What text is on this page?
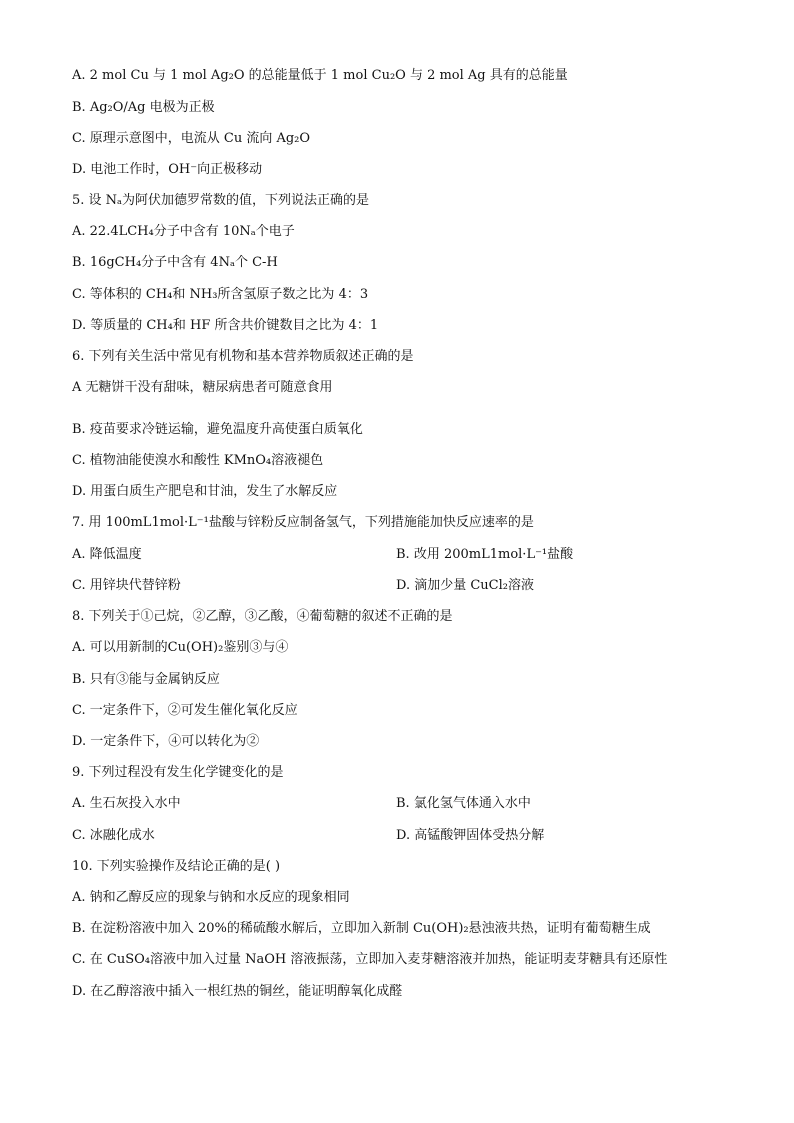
A. 2 mol Cu 与 1 mol Ag₂O 的总能量低于 1 mol Cu₂O 与 2 mol Ag 具有的总能量
B. Ag₂O/Ag 电极为正极
C. 原理示意图中，电流从 Cu 流向 Ag₂O
D. 电池工作时，OH⁻向正极移动
5. 设 Nₐ为阿伏加德罗常数的值，下列说法正确的是
A. 22.4LCH₄分子中含有 10Nₐ个电子
B. 16gCH₄分子中含有 4Nₐ个 C-H
C. 等体积的 CH₄和 NH₃所含氢原子数之比为 4：3
D. 等质量的 CH₄和 HF 所含共价键数目之比为 4：1
6. 下列有关生活中常见有机物和基本营养物质叙述正确的是
A 无糖饼干没有甜味，糖尿病患者可随意食用
B. 疫苗要求冷链运输，避免温度升高使蛋白质氧化
C. 植物油能使溴水和酸性 KMnO₄溶液褪色
D. 用蛋白质生产肥皂和甘油，发生了水解反应
7. 用 100mL1mol·L⁻¹盐酸与锌粉反应制备氢气，下列措施能加快反应速率的是
A. 降低温度	B. 改用 200mL1mol·L⁻¹盐酸
C. 用锌块代替锌粉	D. 滴加少量 CuCl₂溶液
8. 下列关于①己烷，②乙醇，③乙酸，④葡萄糖的叙述不正确的是
A. 可以用新制的Cu(OH)₂鉴别③与④
B. 只有③能与金属钠反应
C. 一定条件下，②可发生催化氧化反应
D. 一定条件下，④可以转化为②
9. 下列过程没有发生化学键变化的是
A. 生石灰投入水中	B. 氯化氢气体通入水中
C. 冰融化成水	D. 高锰酸钾固体受热分解
10. 下列实验操作及结论正确的是( )
A. 钠和乙醇反应的现象与钠和水反应的现象相同
B. 在淀粉溶液中加入 20%的稀硫酸水解后，立即加入新制 Cu(OH)₂悬浊液共热，证明有葡萄糖生成
C. 在 CuSO₄溶液中加入过量 NaOH 溶液振荡，立即加入麦芽糖溶液并加热，能证明麦芽糖具有还原性
D. 在乙醇溶液中插入一根红热的铜丝，能证明醇氧化成醛
